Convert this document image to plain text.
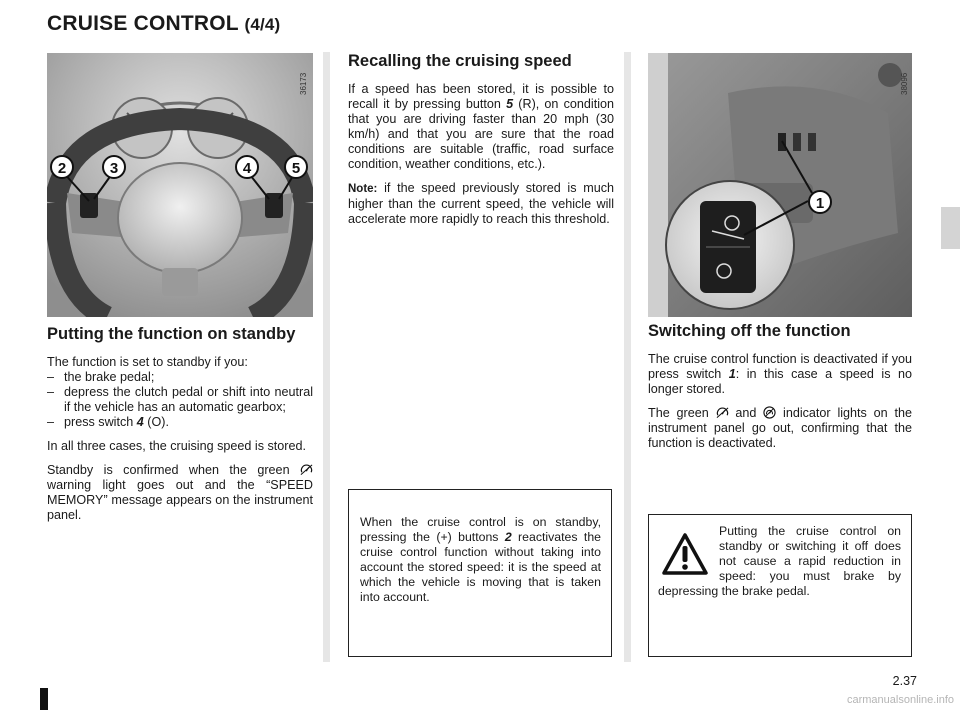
CRUISE CONTROL (4/4)
2	3	4	5
36173
1
38096
Putting the function on standby

The function is set to standby if you:

– the brake pedal;
– depress the clutch pedal or shift into neutral if the vehicle has an automatic gearbox;
– press switch 4 (O).

In all three cases, the cruising speed is stored.

Standby is confirmed when the green  warning light goes out and the “SPEED MEMORY” message appears on the instrument panel.

Recalling the cruising speed

If a speed has been stored, it is possible to recall it by pressing button 5 (R), on condition that you are driving faster than 20 mph (30 km/h) and that you are sure that the road conditions are suitable (traffic, road surface condition, weather conditions, etc.).

Note: if the speed previously stored is much higher than the current speed, the vehicle will accelerate more rapidly to reach this threshold.

When the cruise control is on standby, pressing the (+) buttons 2 reactivates the cruise control function without taking into account the stored speed: it is the speed at which the vehicle is moving that is taken into account.

Switching off the function

The cruise control function is deactivated if you press switch 1: in this case a speed is no longer stored.

The green  and  indicator lights on the instrument panel go out, confirming that the function is deactivated.

Putting the cruise control on standby or switching it off does not cause a rapid reduction in speed: you must brake by depressing the brake pedal.

2.37
carmanualsonline.info
